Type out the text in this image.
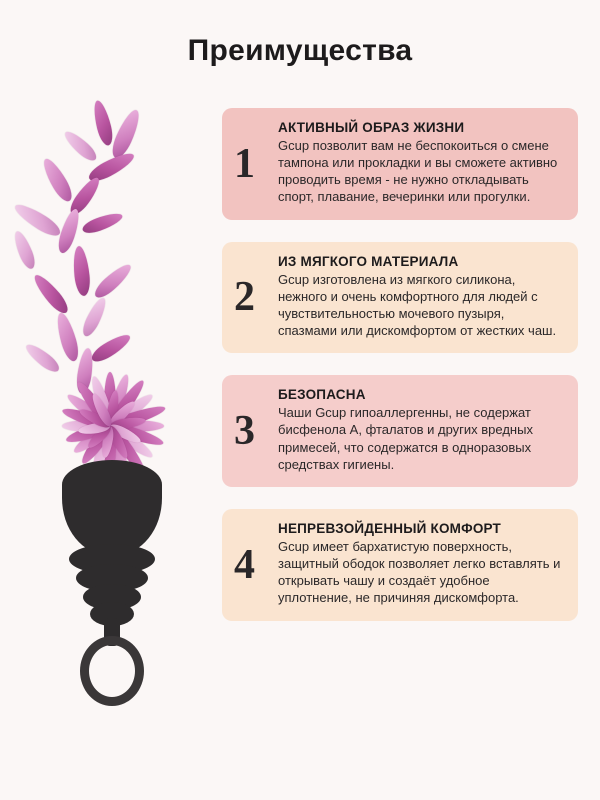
Преимущества
1
АКТИВНЫЙ ОБРАЗ ЖИЗНИ

Gcup позволит вам не беспокоиться о смене тампона или прокладки и вы сможете активно проводить время - не нужно откладывать спорт, плавание, вечеринки или прогулки.

2
ИЗ МЯГКОГО МАТЕРИАЛА

Gcup изготовлена из мягкого силикона, нежного и очень комфортного для людей с чувствительностью мочевого пузыря, спазмами или дискомфортом от жестких чаш.

3
БЕЗОПАСНА

Чаши Gcup гипоаллергенны, не содержат бисфенола А, фталатов и других вредных примесей, что содержатся в одноразовых средствах гигиены.

4
НЕПРЕВЗОЙДЕННЫЙ КОМФОРТ

Gcup имеет бархатистую поверхность, защитный ободок позволяет легко вставлять и открывать чашу и создаёт удобное уплотнение, не причиняя дискомфорта.
